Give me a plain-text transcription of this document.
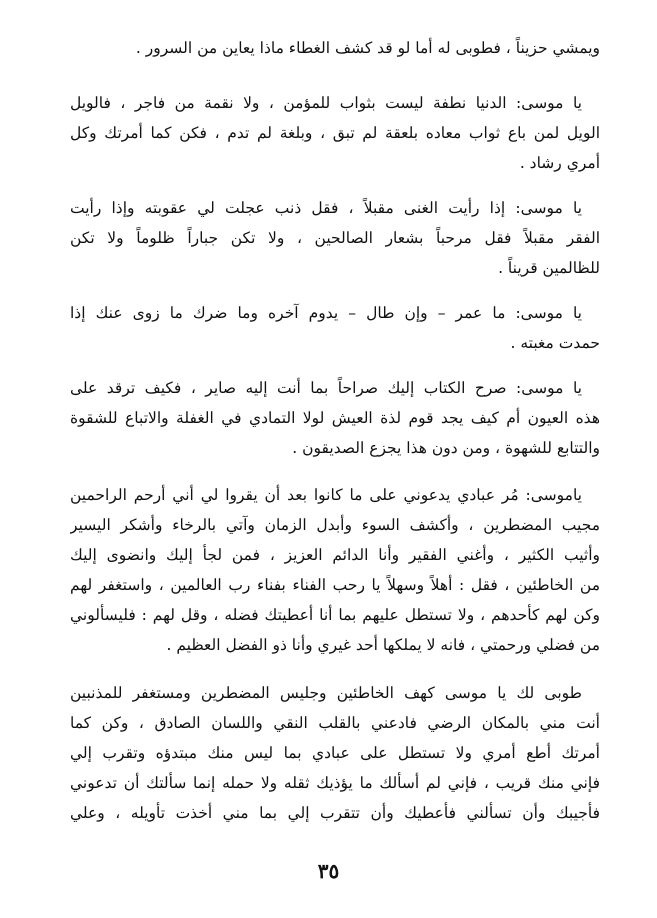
ويمشي حزيناً ، فطوبى له أما لو قد كشف الغطاء ماذا يعاين من السرور .
يا موسى: الدنيا نطفة ليست بثواب للمؤمن ، ولا نقمة من فاجر ، فالويل
الويل لمن باع ثواب معاده بلعقة لم تبق ، وبلغة لم تدم ، فكن كما أمرتك وكل
أمري رشاد .
يا موسى: إذا رأيت الغنى مقبلاً ، فقل ذنب عجلت لي عقوبته وإذا رأيت
الفقر مقبلاً فقل مرحباً بشعار الصالحين ، ولا تكن جباراً ظلوماً ولا تكن
للظالمين قريناً .
يا موسى: ما عمر – وإن طال – يدوم آخره وما ضرك ما زوى عنك إذا
حمدت مغبته .
يا موسى: صرح الكتاب إليك صراحاً بما أنت إليه صاير ، فكيف ترقد على
هذه العيون أم كيف يجد قوم لذة العيش لولا التمادي في الغفلة والاتباع للشقوة
والتتابع للشهوة ، ومن دون هذا يجزع الصديقون .
ياموسى: مُر عبادي يدعوني على ما كانوا بعد أن يقروا لي أني أرحم الراحمين
مجيب المضطرين ، وأكشف السوء وأبدل الزمان وآتي بالرخاء وأشكر اليسير
وأثيب الكثير ، وأغني الفقير وأنا الدائم العزيز ، فمن لجأ إليك وانضوى إليك
من الخاطئين ، فقل : أهلاً وسهلاً يا رحب الفناء بفناء رب العالمين ، واستغفر لهم
وكن لهم كأحدهم ، ولا تستطل عليهم بما أنا أعطيتك فضله ، وقل لهم : فليسألوني
من فضلي ورحمتي ، فانه لا يملكها أحد غيري وأنا ذو الفضل العظيم .
طوبى لك يا موسى كهف الخاطئين وجليس المضطرين ومستغفر للمذنبين
أنت مني بالمكان الرضي فادعني بالقلب النقي واللسان الصادق ، وكن كما
أمرتك أطع أمري ولا تستطل على عبادي بما ليس منك مبتدؤه وتقرب إلي
فإني منك قريب ، فإني لم أسألك ما يؤذيك ثقله ولا حمله إنما سألتك أن تدعوني
فأجيبك وأن تسألني فأعطيك وأن تتقرب إلي بما مني أخذت تأويله ، وعلي
٣٥
